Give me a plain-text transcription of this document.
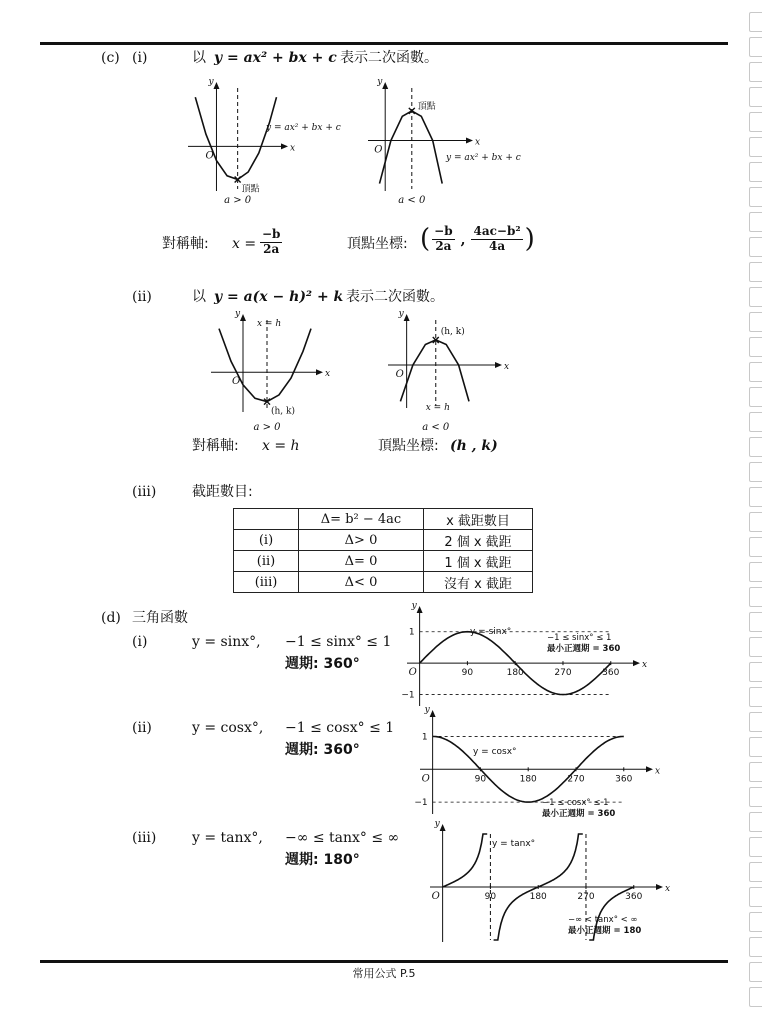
(c) (i)	以 y = ax² + bx + c 表示二次函數。
x
y
O
y = ax² + bx + c
頂點
a > 0
x
y
O
y = ax² + bx + c
頂點
a < 0
對稱軸: $x = \frac{-b}{2a}$	頂點坐標: ( $\frac{-b}{2a}$ , $\frac{\text{4ac−b²}}{4a}$ )
(ii)	以 y = a(x − h)² + k 表示二次函數。
x
y
O
(h, k)
x = h
a > 0
x
y
O
(h, k)
x = h
a < 0
對稱軸: x = h	頂點坐標: (h , k)
(iii)	截距數目:
	Δ= b² − 4ac	x 截距數目
(i)	Δ> 0	2 個 x 截距
(ii)	Δ= 0	1 個 x 截距
(iii)	Δ< 0	沒有 x 截距
(d) 三角函數
(i)	y = sinx°, −1 ≤ sinx° ≤ 1
週期: 360°
(ii)	y = cosx°, −1 ≤ cosx° ≤ 1
週期: 360°
(iii)	y = tanx°, −∞ ≤ tanx° ≤ ∞
週期: 180°
x
y
O	90	180	270	360
1
−1
y = sinx°
−1 ≤ sinx° ≤ 1
最小正週期 = 360
x
y
O	90	180	270	360
1
−1
y = cosx°
−1 ≤ cosx° ≤ 1
最小正週期 = 360
x
y
O	90	180	270	360
y = tanx°
−∞ < tanx° < ∞
最小正週期 = 180
常用公式 P.5
